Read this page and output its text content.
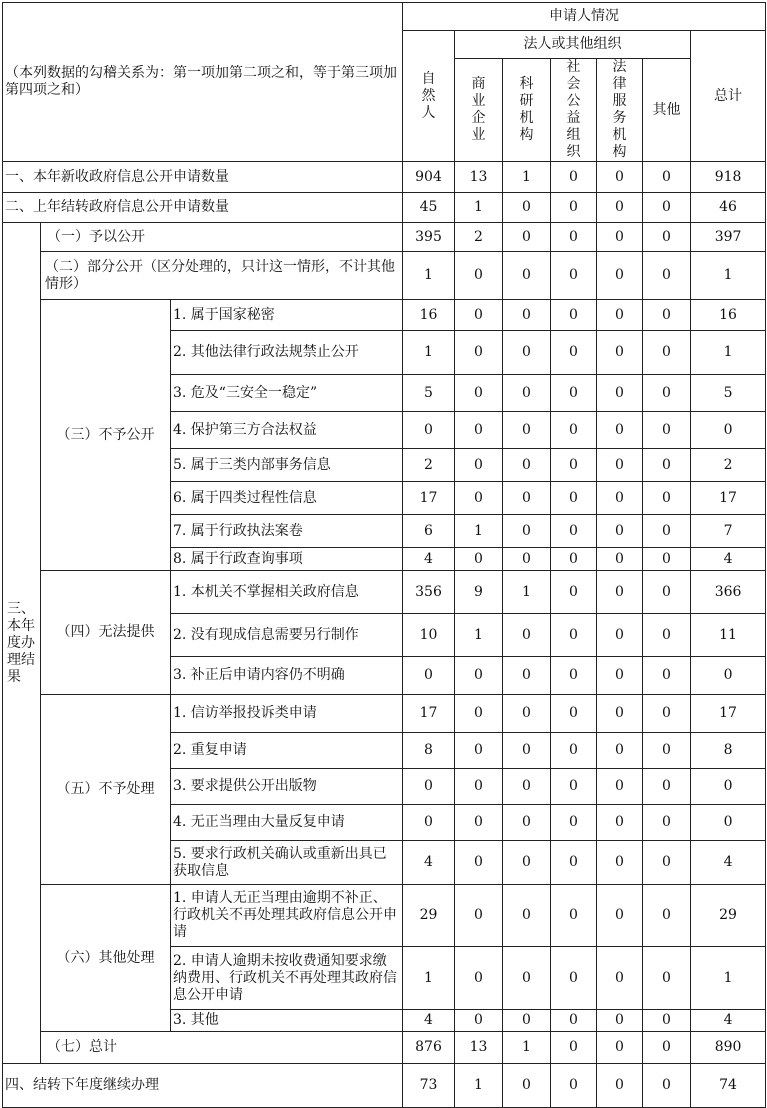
（本列数据的勾稽关系为：第一项加第二项之和，等于第三项加第四项之和）			申请人情况						
			自然人	法人或其他组织					总计
				商业企业	科研机构	社会公益组织	法律服务机构	其他	
一、本年新收政府信息公开申请数量			904	13	1	0	0	0	918
二、上年结转政府信息公开申请数量			45	1	0	0	0	0	46
三、本年度办理结果	（一）予以公开		395	2	0	0	0	0	397
	（二）部分公开（区分处理的，只计这一情形，不计其他情形）		1	0	0	0	0	0	1
	（三）不予公开	1. 属于国家秘密	16	0	0	0	0	0	16
		2. 其他法律行政法规禁止公开	1	0	0	0	0	0	1
		3. 危及“三安全一稳定”	5	0	0	0	0	0	5
		4. 保护第三方合法权益	0	0	0	0	0	0	0
		5. 属于三类内部事务信息	2	0	0	0	0	0	2
		6. 属于四类过程性信息	17	0	0	0	0	0	17
		7. 属于行政执法案卷	6	1	0	0	0	0	7
		8. 属于行政查询事项	4	0	0	0	0	0	4
	（四）无法提供	1. 本机关不掌握相关政府信息	356	9	1	0	0	0	366
		2. 没有现成信息需要另行制作	10	1	0	0	0	0	11
		3. 补正后申请内容仍不明确	0	0	0	0	0	0	0
	（五）不予处理	1. 信访举报投诉类申请	17	0	0	0	0	0	17
		2. 重复申请	8	0	0	0	0	0	8
		3. 要求提供公开出版物	0	0	0	0	0	0	0
		4. 无正当理由大量反复申请	0	0	0	0	0	0	0
		5. 要求行政机关确认或重新出具已获取信息	4	0	0	0	0	0	4
	（六）其他处理	1. 申请人无正当理由逾期不补正、行政机关不再处理其政府信息公开申请	29	0	0	0	0	0	29
		2. 申请人逾期未按收费通知要求缴纳费用、行政机关不再处理其政府信息公开申请	1	0	0	0	0	0	1
		3. 其他	4	0	0	0	0	0	4
	（七）总计		876	13	1	0	0	0	890
四、结转下年度继续办理			73	1	0	0	0	0	74
